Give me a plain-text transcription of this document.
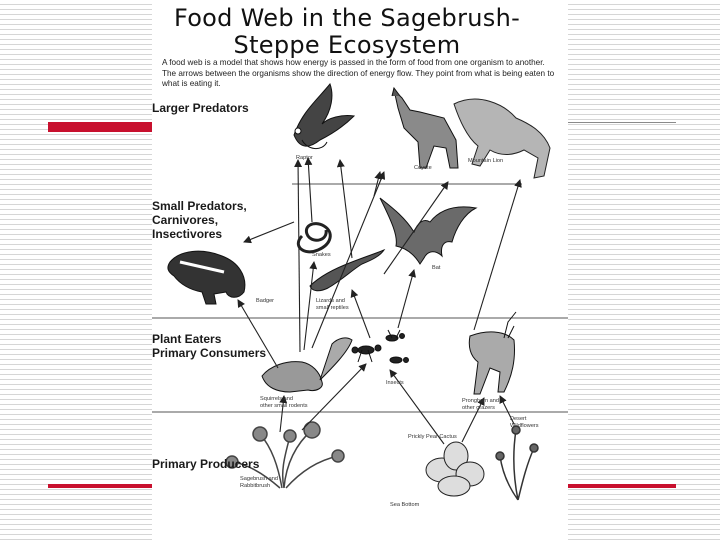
Food Web in the Sagebrush-
Steppe Ecosystem

A food web is a model that shows how energy is passed in the form of food from one organism to another. The arrows between the organisms show the direction of energy flow. They point from what is being eaten to what is eating it.

Larger Predators
Small Predators,
Carnivores,
Insectivores
Plant Eaters
Primary Consumers
Primary Producers
Raptor
Coyote
Mountain Lion
Snakes
Bat
Badger	Lizards and
small reptiles
Squirrels and
other small rodents
Insects
Pronghorn and
other grazers
Prickly Pear Cactus
Desert
Wildflowers
Sagebrush and
Rabbitbrush
Sea Bottom
